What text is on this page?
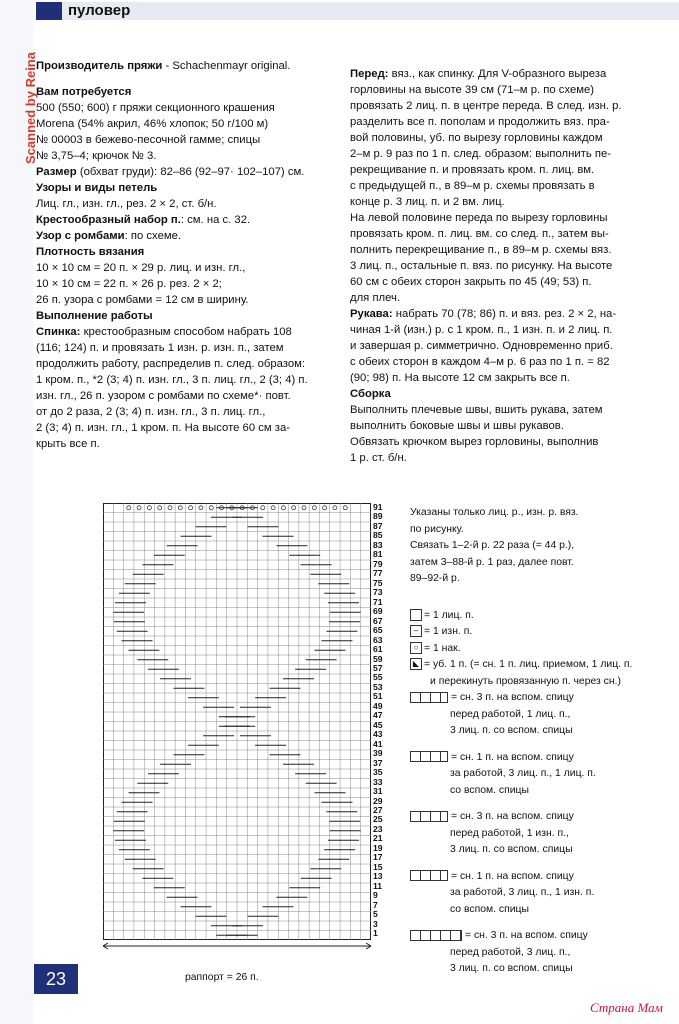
Scanned by Reina
пуловер

Производитель пряжи - Schachenmayr original.

Вам потребуется

500 (550; 600) г пряжи секционного крашения

Morena (54% акрил, 46% хлопок; 50 г/100 м)

№ 00003 в бежево-песочной гамме; спицы

№ 3,75–4; крючок № 3.

Размер (обхват груди): 82–86 (92–97· 102–107) см.

Узоры и виды петель

Лиц. гл., изн. гл., рез. 2 × 2, ст. б/н.

Крестообразный набор п.: см. на с. 32.

Узор с ромбами: по схеме.

Плотность вязания

10 × 10 см = 20 п. × 29 р. лиц. и изн. гл.,

10 × 10 см = 22 п. × 26 р. рез. 2 × 2;

26 п. узора с ромбами = 12 см в ширину.

Выполнение работы

Спинка: крестообразным способом набрать 108

(116; 124) п. и провязать 1 изн. р. изн. п., затем

продолжить работу, распределив п. след. образом:

1 кром. п., *2 (3; 4) п. изн. гл., 3 п. лиц. гл., 2 (3; 4) п.

изн. гл., 26 п. узором с ромбами по схеме*· повт.

от до 2 раза, 2 (3; 4) п. изн. гл., 3 п. лиц. гл.,

2 (3; 4) п. изн. гл., 1 кром. п. На высоте 60 см за-

крыть все п.

Перед: вяз., как спинку. Для V-образного выреза

горловины на высоте 39 см (71–м р. по схеме)

провязать 2 лиц. п. в центре переда. В след. изн. р.

разделить все п. пополам и продолжить вяз. пра-

вой половины, уб. по вырезу горловины каждом

2–м р. 9 раз по 1 п. след. образом: выполнить пе-

рекрещивание п. и провязать кром. п. лиц. вм.

с предыдущей п., в 89–м р. схемы провязать в

конце р. 3 лиц. п. и 2 вм. лиц.

На левой половине переда по вырезу горловины

провязать кром. п. лиц. вм. со след. п., затем вы-

полнить перекрещивание п., в 89–м р. схемы вяз.

3 лиц. п., остальные п. вяз. по рисунку. На высоте

60 см с обеих сторон закрыть по 45 (49; 53) п.

для плеч.

Рукава: набрать 70 (78; 86) п. и вяз. рез. 2 × 2, на-

чиная 1-й (изн.) р. с 1 кром. п., 1 изн. п. и 2 лиц. п.

и завершая р. симметрично. Одновременно приб.

с обеих сторон в каждом 4–м р. 6 раз по 1 п. = 82

(90; 98) п. На высоте 12 см закрыть все п.

Сборка

Выполнить плечевые швы, вшить рукава, затем

выполнить боковые швы и швы рукавов.

Обвязать крючком вырез горловины, выполнив

1 р. ст. б/н.

91
89
87
85
83
81
79
77
75
73
71
69
67
65
63
61
59
57
55
53
51
49
47
45
43
41
39
37
35
33
31
29
27
25
23
21
19
17
15
13
11
9
7
5
3
1
раппорт = 26 п.

Указаны только лиц. р., изн. р. вяз.

по рисунку.

Связать 1–2-й р. 22 раза (= 44 р.),

затем 3–88-й р. 1 раз, далее повт.

89–92-й р.

= 1 лиц. п.

– = 1 изн. п.

○ = 1 нак.

◣ = уб. 1 п. (= сн. 1 п. лиц. приемом, 1 лиц. п.

и перекинуть провязанную п. через сн.)

= сн. 3 п. на вспом. спицу

перед работой, 1 лиц. п.,

3 лиц. п. со вспом. спицы

= сн. 1 п. на вспом. спицу

за работой, 3 лиц. п., 1 лиц. п.

со вспом. спицы

= сн. 3 п. на вспом. спицу

перед работой, 1 изн. п.,

3 лиц. п. со вспом. спицы

= сн. 1 п. на вспом. спицу

за работой, 3 лиц. п., 1 изн. п.

со вспом. спицы

= сн. 3 п. на вспом. спицу

перед работой, 3 лиц. п.,

3 лиц. п. со вспом. спицы

23
Страна Мам
